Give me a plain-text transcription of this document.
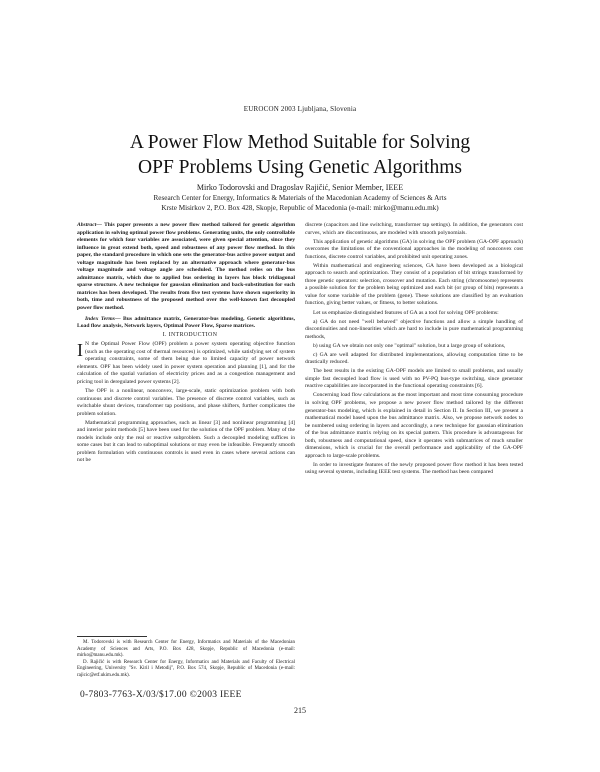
EUROCON 2003 Ljubljana, Slovenia
A Power Flow Method Suitable for Solving
OPF Problems Using Genetic Algorithms
Mirko Todorovski and Dragoslav Rajičić, Senior Member, IEEE
Research Center for Energy, Informatics & Materials of the Macedonian Academy of Sciences & Arts
Krste Misirkov 2, P.O. Box 428, Skopje, Republic of Macedonia (e-mail: mirko@manu.edu.mk)

Abstract— This paper presents a new power flow method tailored for genetic algorithm application in solving optimal power flow problems. Generating units, the only controllable elements for which four variables are associated, were given special attention, since they influence in great extend both, speed and robustness of any power flow method. In this paper, the standard procedure in which one sets the generator-bus active power output and voltage magnitude has been replaced by an alternative approach where generator-bus voltage magnitude and voltage angle are scheduled. The method relies on the bus admittance matrix, which due to applied bus ordering in layers has block tridiagonal sparse structure. A new technique for gaussian elimination and back-substitution for such matrices has been developed. The results from five test systems have shown superiority in both, time and robustness of the proposed method over the well-known fast decoupled power flow method.

Index Terms— Bus admittance matrix, Generator-bus modeling, Genetic algorithms, Load flow analysis, Network layers, Optimal Power Flow, Sparse matrices.

I. INTRODUCTION

I N the Optimal Power Flow (OPF) problem a power system operating objective function (such as the operating cost of thermal resources) is optimized, while satisfying set of system operating constraints, some of them being due to limited capacity of power network elements. OPF has been widely used in power system operation and planning [1], and for the calculation of the spatial variation of electricity prices and as a congestion management and pricing tool in deregulated power systems [2].

The OPF is a nonlinear, nonconvex, large-scale, static optimization problem with both continuous and discrete control variables. The presence of discrete control variables, such as switchable shunt devices, transformer tap positions, and phase shifters, further complicates the problem solution.

Mathematical programming approaches, such as linear [3] and nonlinear programming [4] and interior point methods [5] have been used for the solution of the OPF problem. Many of the models include only the real or reactive subproblem. Such a decoupled modeling suffices in some cases but it can lead to suboptimal solutions or may even be infeasible. Frequently smooth problem formulation with continuous controls is used even in cases where several actions can not be

M. Todorovski is with Research Center for Energy, Informatics and Materials of the Macedonian Academy of Sciences and Arts, P.O. Box 428, Skopje, Republic of Macedonia (e-mail: mirko@manu.edu.mk).

D. Rajičić is with Research Center for Energy, Informatics and Materials and Faculty of Electrical Engineering, University "Sv. Kiril i Metodij", P.O. Box 574, Skopje, Republic of Macedonia (e-mail: rajicic@etf.ukim.edu.mk).

discrete (capacitors and line switching, transformer tap settings). In addition, the generators cost curves, which are discontinuous, are modeled with smooth polynomials.

This application of genetic algorithms (GA) in solving the OPF problem (GA-OPF approach) overcomes the limitations of the conventional approaches in the modeling of nonconvex cost functions, discrete control variables, and prohibited unit operating zones.

Within mathematical and engineering sciences, GA have been developed as a biological approach to search and optimization. They consist of a population of bit strings transformed by three genetic operators: selection, crossover and mutation. Each string (chromosome) represents a possible solution for the problem being optimized and each bit (or group of bits) represents a value for some variable of the problem (gene). These solutions are classified by an evaluation function, giving better values, or fitness, to better solutions.

Let us emphasize distinguished features of GA as a tool for solving OPF problems:

a) GA do not need "well behaved" objective functions and allow a simple handling of discontinuities and non-linearities which are hard to include in pure mathematical programming methods,

b) using GA we obtain not only one "optimal" solution, but a large group of solutions,

c) GA are well adapted for distributed implementations, allowing computation time to be drastically reduced.

The best results in the existing GA-OPF models are limited to small problems, and usually simple fast decoupled load flow is used with no PV-PQ bus-type switching, since generator reactive capabilities are incorporated in the functional operating constraints [6].

Concerning load flow calculations as the most important and most time consuming procedure in solving OPF problems, we propose a new power flow method tailored by the different generator-bus modeling, which is explained in detail in Section II. In Section III, we present a mathematical model based upon the bus admittance matrix. Also, we propose network nodes to be numbered using ordering in layers and accordingly, a new technique for gaussian elimination of the bus admittance matrix relying on its special pattern. This procedure is advantageous for both, robustness and computational speed, since it operates with submatrices of much smaller dimensions, which is crucial for the overall performance and applicability of the GA-OPF approach to large-scale problems.

In order to investigate features of the newly proposed power flow method it has been tested using several systems, including IEEE test systems. The method has been compared

0-7803-7763-X/03/$17.00 ©2003 IEEE
215
